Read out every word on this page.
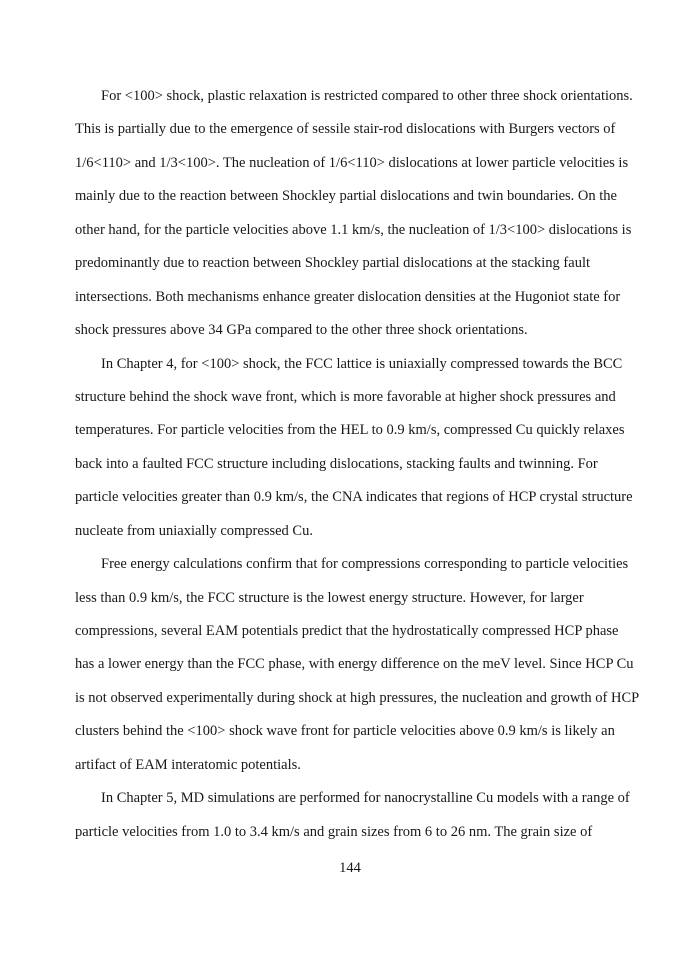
For <100> shock, plastic relaxation is restricted compared to other three shock orientations.
This is partially due to the emergence of sessile stair-rod dislocations with Burgers vectors of
1/6<110> and 1/3<100>. The nucleation of 1/6<110> dislocations at lower particle velocities is
mainly due to the reaction between Shockley partial dislocations and twin boundaries. On the
other hand, for the particle velocities above 1.1 km/s, the nucleation of 1/3<100> dislocations is
predominantly due to reaction between Shockley partial dislocations at the stacking fault
intersections. Both mechanisms enhance greater dislocation densities at the Hugoniot state for
shock pressures above 34 GPa compared to the other three shock orientations.
In Chapter 4, for <100> shock, the FCC lattice is uniaxially compressed towards the BCC
structure behind the shock wave front, which is more favorable at higher shock pressures and
temperatures. For particle velocities from the HEL to 0.9 km/s, compressed Cu quickly relaxes
back into a faulted FCC structure including dislocations, stacking faults and twinning. For
particle velocities greater than 0.9 km/s, the CNA indicates that regions of HCP crystal structure
nucleate from uniaxially compressed Cu.
Free energy calculations confirm that for compressions corresponding to particle velocities
less than 0.9 km/s, the FCC structure is the lowest energy structure. However, for larger
compressions, several EAM potentials predict that the hydrostatically compressed HCP phase
has a lower energy than the FCC phase, with energy difference on the meV level. Since HCP Cu
is not observed experimentally during shock at high pressures, the nucleation and growth of HCP
clusters behind the <100> shock wave front for particle velocities above 0.9 km/s is likely an
artifact of EAM interatomic potentials.
In Chapter 5, MD simulations are performed for nanocrystalline Cu models with a range of
particle velocities from 1.0 to 3.4 km/s and grain sizes from 6 to 26 nm. The grain size of
144
